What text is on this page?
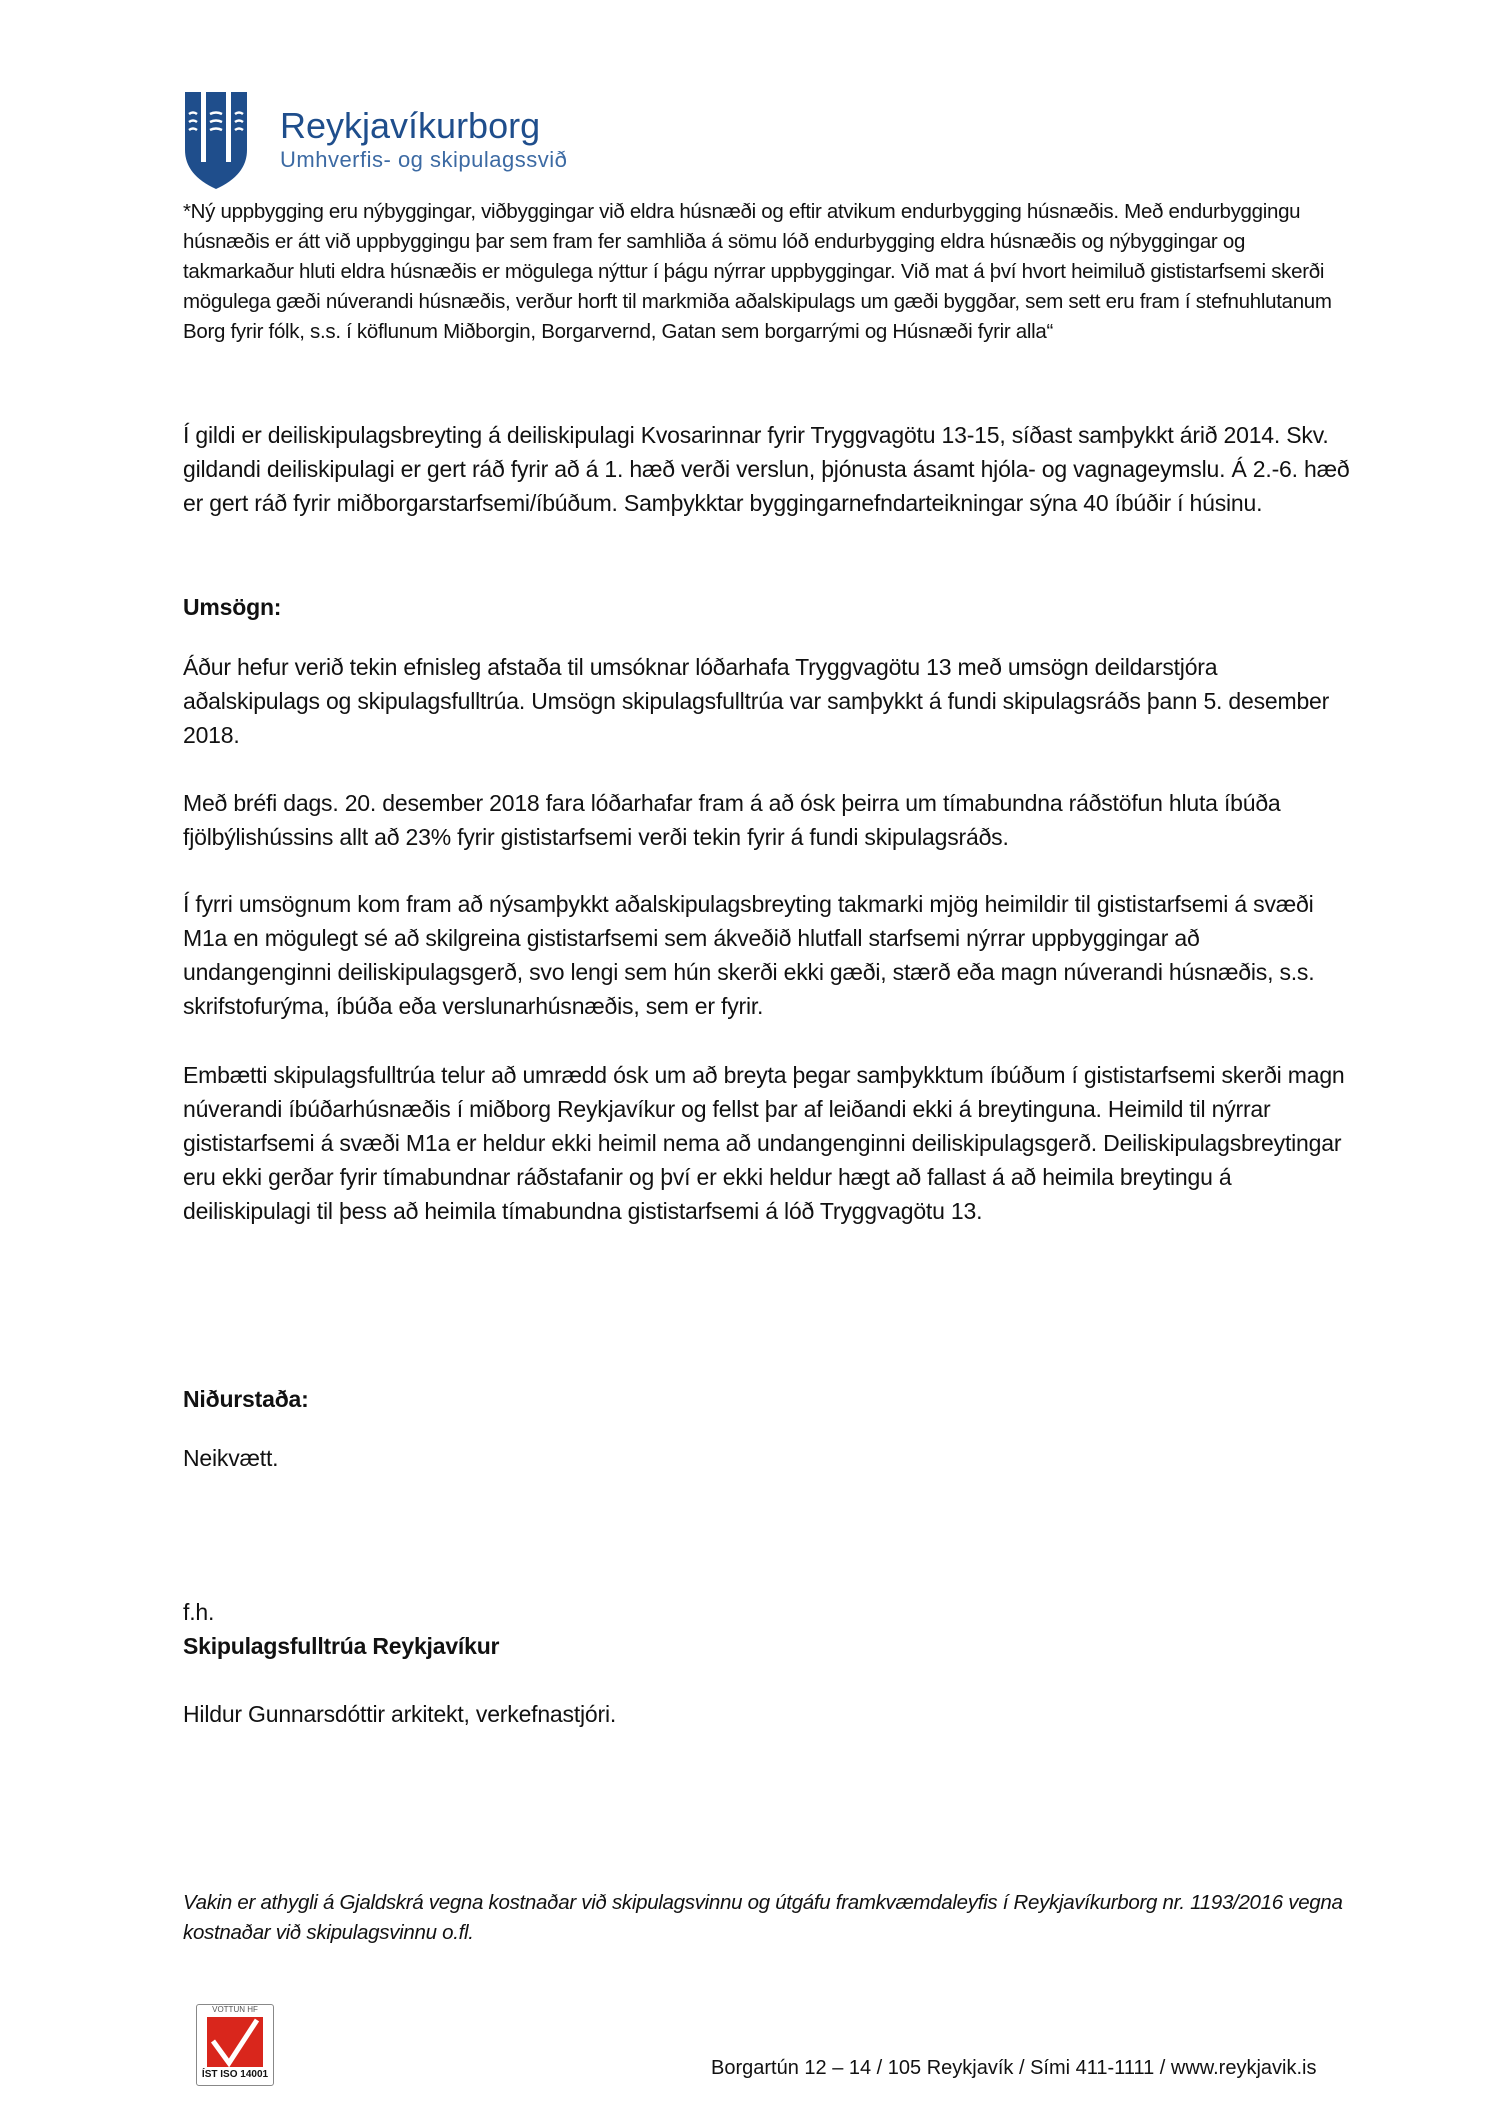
Reykjavíkurborg
Umhverfis- og skipulagssvið

*Ný uppbygging eru nýbyggingar, viðbyggingar við eldra húsnæði og eftir atvikum endurbygging húsnæðis. Með endurbyggingu húsnæðis er átt við uppbyggingu þar sem fram fer samhliða á sömu lóð endurbygging eldra húsnæðis og nýbyggingar og takmarkaður hluti eldra húsnæðis er mögulega nýttur í þágu nýrrar uppbyggingar. Við mat á því hvort heimiluð gististarfsemi skerði mögulega gæði núverandi húsnæðis, verður horft til markmiða aðalskipulags um gæði byggðar, sem sett eru fram í stefnuhlutanum Borg fyrir fólk, s.s. í köflunum Miðborgin, Borgarvernd, Gatan sem borgarrými og Húsnæði fyrir alla“

Í gildi er deiliskipulagsbreyting á deiliskipulagi Kvosarinnar fyrir Tryggvagötu 13-15, síðast samþykkt árið 2014. Skv. gildandi deiliskipulagi er gert ráð fyrir að á 1. hæð verði verslun, þjónusta ásamt hjóla- og vagnageymslu. Á 2.-6. hæð er gert ráð fyrir miðborgarstarfsemi/íbúðum. Samþykktar byggingarnefndarteikningar sýna 40 íbúðir í húsinu.

Umsögn:

Áður hefur verið tekin efnisleg afstaða til umsóknar lóðarhafa Tryggvagötu 13 með umsögn deildarstjóra aðalskipulags og skipulagsfulltrúa. Umsögn skipulagsfulltrúa var samþykkt á fundi skipulagsráðs þann 5. desember 2018.

Með bréfi dags. 20. desember 2018 fara lóðarhafar fram á að ósk þeirra um tímabundna ráðstöfun hluta íbúða fjölbýlishússins allt að 23% fyrir gististarfsemi verði tekin fyrir á fundi skipulagsráðs.

Í fyrri umsögnum kom fram að nýsamþykkt aðalskipulagsbreyting takmarki mjög heimildir til gististarfsemi á svæði M1a en mögulegt sé að skilgreina gististarfsemi sem ákveðið hlutfall starfsemi nýrrar uppbyggingar að undangenginni deiliskipulagsgerð, svo lengi sem hún skerði ekki gæði, stærð eða magn núverandi húsnæðis, s.s. skrifstofurýma, íbúða eða verslunarhúsnæðis, sem er fyrir.

Embætti skipulagsfulltrúa telur að umrædd ósk um að breyta þegar samþykktum íbúðum í gististarfsemi skerði magn núverandi íbúðarhúsnæðis í miðborg Reykjavíkur og fellst þar af leiðandi ekki á breytinguna. Heimild til nýrrar gististarfsemi á svæði M1a er heldur ekki heimil nema að undangenginni deiliskipulagsgerð. Deiliskipulagsbreytingar eru ekki gerðar fyrir tímabundnar ráðstafanir og því er ekki heldur hægt að fallast á að heimila breytingu á deiliskipulagi til þess að heimila tímabundna gististarfsemi á lóð Tryggvagötu 13.

Niðurstaða:

Neikvætt.

f.h.

Skipulagsfulltrúa Reykjavíkur

Hildur Gunnarsdóttir arkitekt, verkefnastjóri.

Vakin er athygli á Gjaldskrá vegna kostnaðar við skipulagsvinnu og útgáfu framkvæmdaleyfis í Reykjavíkurborg nr. 1193/2016 vegna kostnaðar við skipulagsvinnu o.fl.

VOTTUN HF
ÍST ISO 14001	Borgartún 12 – 14 / 105 Reykjavík / Sími 411-1111 / www.reykjavik.is
